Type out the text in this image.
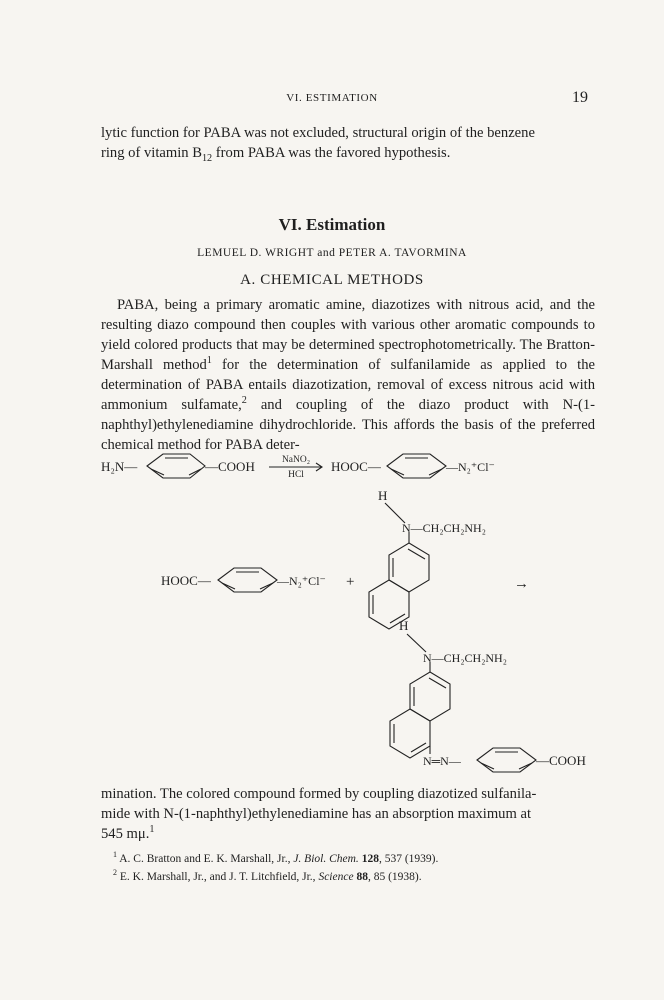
VI. ESTIMATION	19

lytic function for PABA was not excluded, structural origin of the benzene
ring of vitamin $B_{12}$ from PABA was the favored hypothesis.

VI. Estimation
LEMUEL D. WRIGHT and PETER A. TAVORMINA
A. CHEMICAL METHODS

PABA, being a primary aromatic amine, diazotizes with nitrous acid, and the resulting diazo compound then couples with various other aromatic compounds to yield colored products that may be determined spectrophotometrically. The Bratton-Marshall method$^1$ for the determination of sulfanilamide as applied to the determination of PABA entails diazotization, removal of excess nitrous acid with ammonium sulfamate,$^2$ and coupling of the diazo product with N-(1-naphthyl)ethylenediamine dihydrochloride. This affords the basis of the preferred chemical method for PABA deter-

H₂N—	—COOH	NaNO₂
HCl
HOOC—	—N₂⁺Cl⁻
H
N—CH₂CH₂NH₂
HOOC—	—N₂⁺Cl⁻ +	→
H
N—CH₂CH₂NH₂
N═N—	—COOH

mination. The colored compound formed by coupling diazotized sulfanila-
mide with N-(1-naphthyl)ethylenediamine has an absorption maximum at
545 mμ.$^1$

$^1$ A. C. Bratton and E. K. Marshall, Jr., J. Biol. Chem. 128, 537 (1939).
$^2$ E. K. Marshall, Jr., and J. T. Litchfield, Jr., Science 88, 85 (1938).
